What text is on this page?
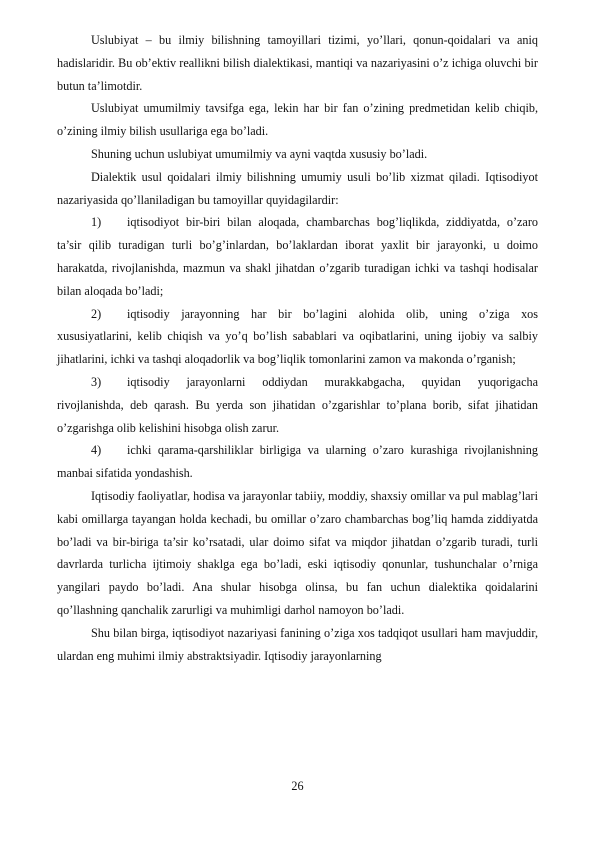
Uslubiyat – bu ilmiy bilishning tamoyillari tizimi, yo’llari, qonun-qoidalari va aniq hadislaridir. Bu ob’ektiv reallikni bilish dialektikasi, mantiqi va nazariyasini o’z ichiga oluvchi bir butun ta’limotdir.

Uslubiyat umumilmiy tavsifga ega, lekin har bir fan o’zining predmetidan kelib chiqib, o’zining ilmiy bilish usullariga ega bo’ladi.

Shuning uchun uslubiyat umumilmiy va ayni vaqtda xususiy bo’ladi.

Dialektik usul qoidalari ilmiy bilishning umumiy usuli bo’lib xizmat qiladi. Iqtisodiyot nazariyasida qo’llaniladigan bu tamoyillar quyidagilardir:

1) iqtisodiyot bir-biri bilan aloqada, chambarchas bog’liqlikda, ziddiyatda, o’zaro ta’sir qilib turadigan turli bo’g’inlardan, bo’laklardan iborat yaxlit bir jarayonki, u doimo harakatda, rivojlanishda, mazmun va shakl jihatdan o’zgarib turadigan ichki va tashqi hodisalar bilan aloqada bo’ladi;

2) iqtisodiy jarayonning har bir bo’lagini alohida olib, uning o’ziga xos xususiyatlarini, kelib chiqish va yo’q bo’lish sabablari va oqibatlarini, uning ijobiy va salbiy jihatlarini, ichki va tashqi aloqadorlik va bog’liqlik tomonlarini zamon va makonda o’rganish;

3) iqtisodiy jarayonlarni oddiydan murakkabgacha, quyidan yuqorigacha rivojlanishda, deb qarash. Bu yerda son jihatidan o’zgarishlar to’plana borib, sifat jihatidan o’zgarishga olib kelishini hisobga olish zarur.

4) ichki qarama-qarshiliklar birligiga va ularning o’zaro kurashiga rivojlanishning manbai sifatida yondashish.

Iqtisodiy faoliyatlar, hodisa va jarayonlar tabiiy, moddiy, shaxsiy omillar va pul mablag’lari kabi omillarga tayangan holda kechadi, bu omillar o’zaro chambarchas bog’liq hamda ziddiyatda bo’ladi va bir-biriga ta’sir ko’rsatadi, ular doimo sifat va miqdor jihatdan o’zgarib turadi, turli davrlarda turlicha ijtimoiy shaklga ega bo’ladi, eski iqtisodiy qonunlar, tushunchalar o’rniga yangilari paydo bo’ladi. Ana shular hisobga olinsa, bu fan uchun dialektika qoidalarini qo’llashning qanchalik zarurligi va muhimligi darhol namoyon bo’ladi.

Shu bilan birga, iqtisodiyot nazariyasi fanining o’ziga xos tadqiqot usullari ham mavjuddir, ulardan eng muhimi ilmiy abstraktsiyadir. Iqtisodiy jarayonlarning

26
